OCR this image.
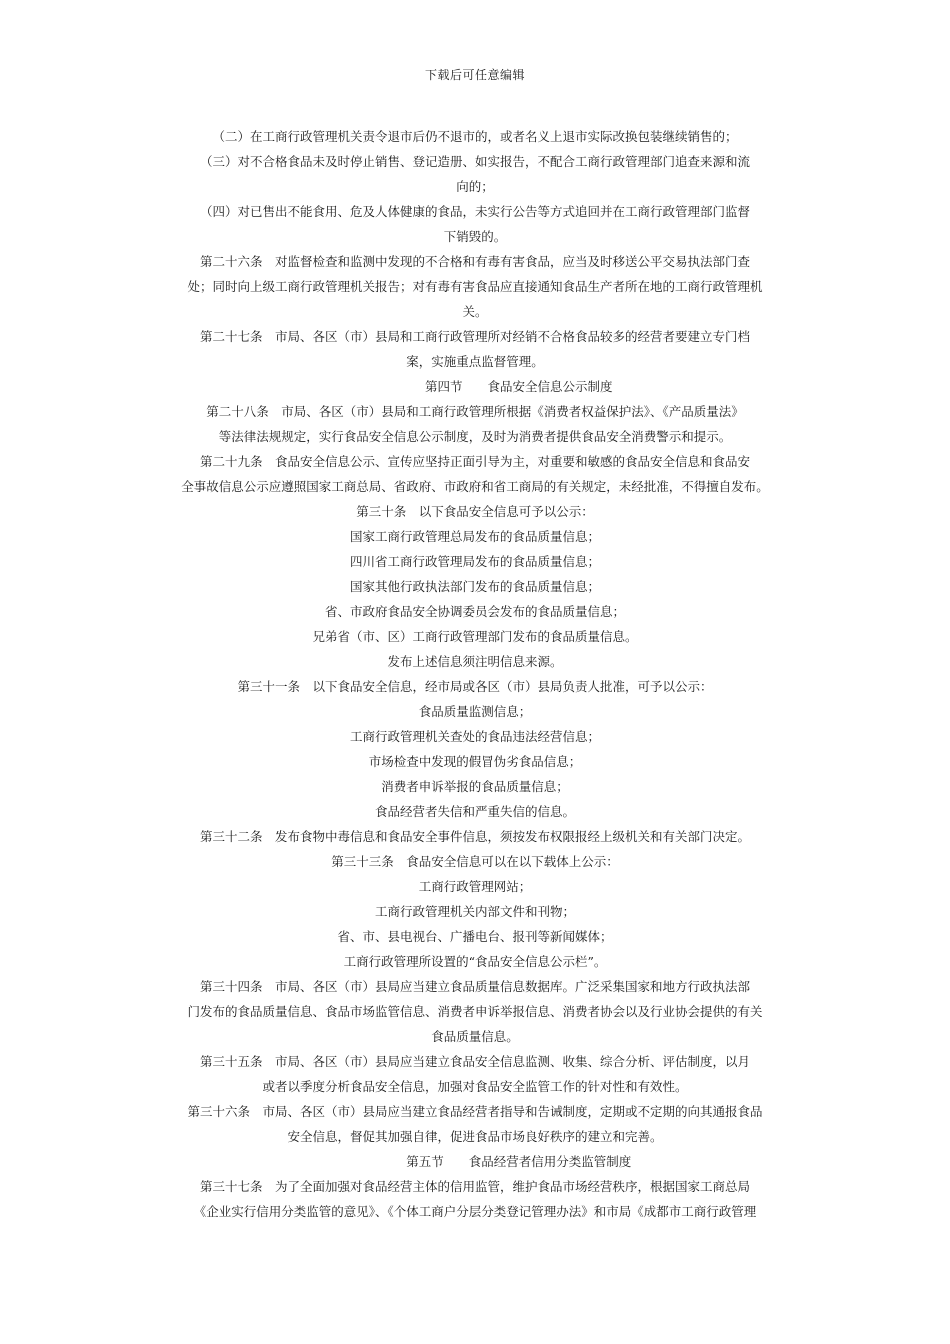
下载后可任意编辑
（二）在工商行政管理机关责令退市后仍不退市的，或者名义上退市实际改换包装继续销售的；
（三）对不合格食品未及时停止销售、登记造册、如实报告，不配合工商行政管理部门追查来源和流
向的；
（四）对已售出不能食用、危及人体健康的食品，未实行公告等方式追回并在工商行政管理部门监督
下销毁的。
第二十六条　对监督检查和监测中发现的不合格和有毒有害食品，应当及时移送公平交易执法部门查
处；同时向上级工商行政管理机关报告；对有毒有害食品应直接通知食品生产者所在地的工商行政管理机
关。
第二十七条　市局、各区（市）县局和工商行政管理所对经销不合格食品较多的经营者要建立专门档
案，实施重点监督管理。
　　　　　　　第四节　　食品安全信息公示制度
第二十八条　市局、各区（市）县局和工商行政管理所根据《消费者权益保护法》、《产品质量法》
等法律法规规定，实行食品安全信息公示制度，及时为消费者提供食品安全消费警示和提示。
第二十九条　食品安全信息公示、宣传应坚持正面引导为主，对重要和敏感的食品安全信息和食品安
全事故信息公示应遵照国家工商总局、省政府、市政府和省工商局的有关规定，未经批准，不得擅自发布。
第三十条　以下食品安全信息可予以公示：
国家工商行政管理总局发布的食品质量信息；
四川省工商行政管理局发布的食品质量信息；
国家其他行政执法部门发布的食品质量信息；
省、市政府食品安全协调委员会发布的食品质量信息；
兄弟省（市、区）工商行政管理部门发布的食品质量信息。
发布上述信息须注明信息来源。
第三十一条　以下食品安全信息，经市局或各区（市）县局负责人批准，可予以公示：
食品质量监测信息；
工商行政管理机关查处的食品违法经营信息；
市场检查中发现的假冒伪劣食品信息；
消费者申诉举报的食品质量信息；
食品经营者失信和严重失信的信息。
第三十二条　发布食物中毒信息和食品安全事件信息，须按发布权限报经上级机关和有关部门决定。
第三十三条　食品安全信息可以在以下载体上公示：
工商行政管理网站；
工商行政管理机关内部文件和刊物；
省、市、县电视台、广播电台、报刊等新闻媒体；
工商行政管理所设置的“食品安全信息公示栏”。
第三十四条　市局、各区（市）县局应当建立食品质量信息数据库。广泛采集国家和地方行政执法部
门发布的食品质量信息、食品市场监管信息、消费者申诉举报信息、消费者协会以及行业协会提供的有关
食品质量信息。
第三十五条　市局、各区（市）县局应当建立食品安全信息监测、收集、综合分析、评估制度，以月
或者以季度分析食品安全信息，加强对食品安全监管工作的针对性和有效性。
第三十六条　市局、各区（市）县局应当建立食品经营者指导和告诫制度，定期或不定期的向其通报食品
安全信息，督促其加强自律，促进食品市场良好秩序的建立和完善。
　　　　　　　第五节　　食品经营者信用分类监管制度
第三十七条　为了全面加强对食品经营主体的信用监管，维护食品市场经营秩序，根据国家工商总局
《企业实行信用分类监管的意见》、《个体工商户分层分类登记管理办法》和市局《成都市工商行政管理
